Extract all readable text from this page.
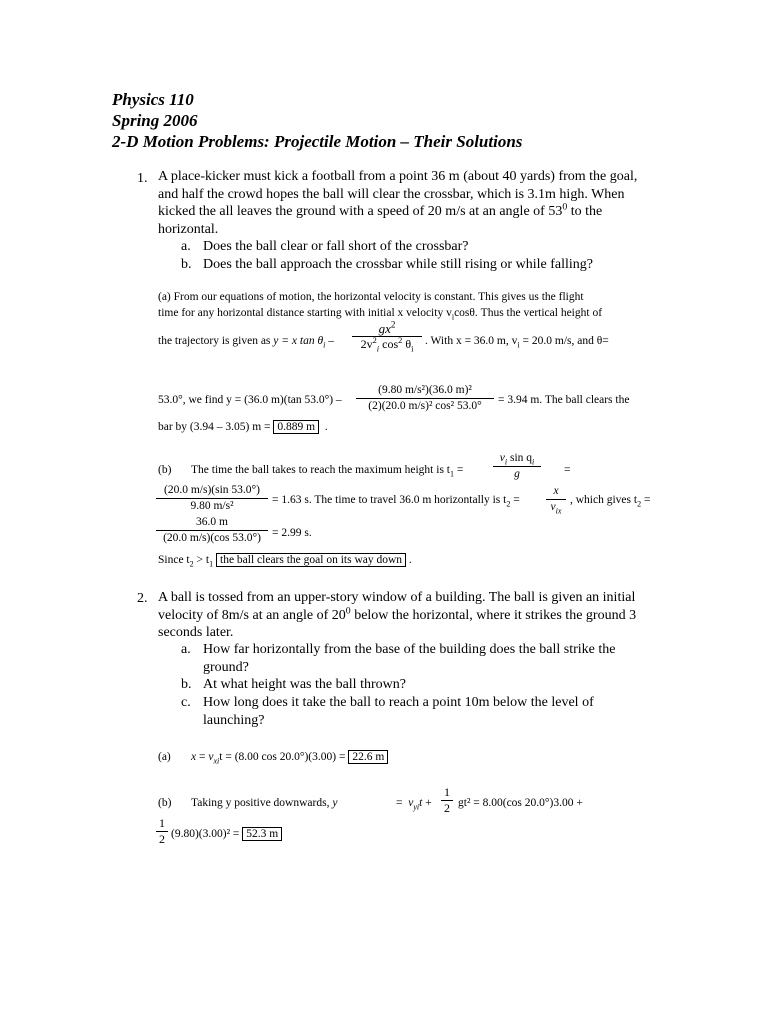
Physics 110
Spring 2006
2-D Motion Problems: Projectile Motion – Their Solutions
1. A place-kicker must kick a football from a point 36 m (about 40 yards) from the goal, and half the crowd hopes the ball will clear the crossbar, which is 3.1m high. When kicked the all leaves the ground with a speed of 20 m/s at an angle of $53^0$ to the horizontal.
a. Does the ball clear or fall short of the crossbar?
b. Does the ball approach the crossbar while still rising or while falling?
(a) From our equations of motion, the horizontal velocity is constant. This gives us the flight
time for any horizontal distance starting with initial x velocity $v_i\cos\theta$. Thus the vertical height of
the trajectory is given as y = x $\tan \theta_i$ –
$gx^2$
$2v^2_i$ $\cos^2 \theta_i$
. With x = 36.0 m, $v_i = 20.0$ m/s, and θ=
53.0°, we find y = (36.0 m)(tan 53.0°) –
(9.80 m/s²)(36.0 m)²
(2)(20.0 m/s)² cos² 53.0°	= 3.94 m. The ball clears the
bar by (3.94 – 3.05) m = 0.889 m  .
(b) The time the ball takes to reach the maximum height is $t_1$ =
$v_i$ $\sin q_i$
g	=
(20.0 m/s)(sin 53.0°)
9.80 m/s²	= 1.63 s. The time to travel 36.0 m horizontally is $t_2$ =
x
$v_{ix}$
, which gives $t_2$ =
36.0 m
(20.0 m/s)(cos 53.0°) = 2.99 s.
Since $t_2 > t_1$ the ball clears the goal on its way down .
2. A ball is tossed from an upper-story window of a building. The ball is given an initial velocity of 8m/s at an angle of $20^0$ below the horizontal, where it strikes the ground 3 seconds later.
a. How far horizontally from the base of the building does the ball strike the ground?
b. At what height was the ball thrown?
c. How long does it take the ball to reach a point 10m below the level of launching?
(a) $x = v_{xi}t = (8.00$ cos 20.0°)(3.00) = 22.6 m
(b) Taking y positive downwards, y	=  $v_{yi}t$ +
1
2 gt² = 8.00(cos 20.0°)3.00 +
1
2 (9.80)(3.00)² = 52.3 m
